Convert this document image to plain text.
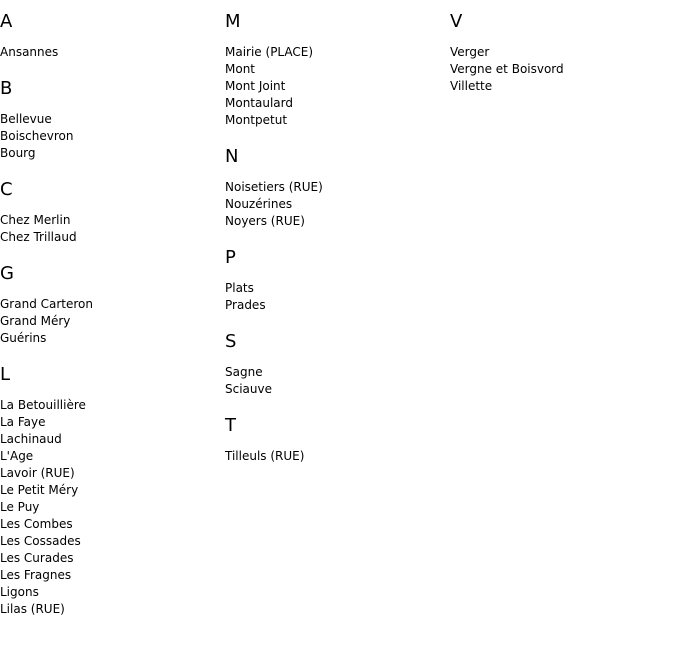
A
Ansannes
B
Bellevue
Boischevron
Bourg
C
Chez Merlin
Chez Trillaud
G
Grand Carteron
Grand Méry
Guérins
L
La Betouillière
La Faye
Lachinaud
L'Age
Lavoir (RUE)
Le Petit Méry
Le Puy
Les Combes
Les Cossades
Les Curades
Les Fragnes
Ligons
Lilas (RUE)
M
Mairie (PLACE)
Mont
Mont Joint
Montaulard
Montpetut
N
Noisetiers (RUE)
Nouzérines
Noyers (RUE)
P
Plats
Prades
S
Sagne
Sciauve
T
Tilleuls (RUE)
V
Verger
Vergne et Boisvord
Villette
